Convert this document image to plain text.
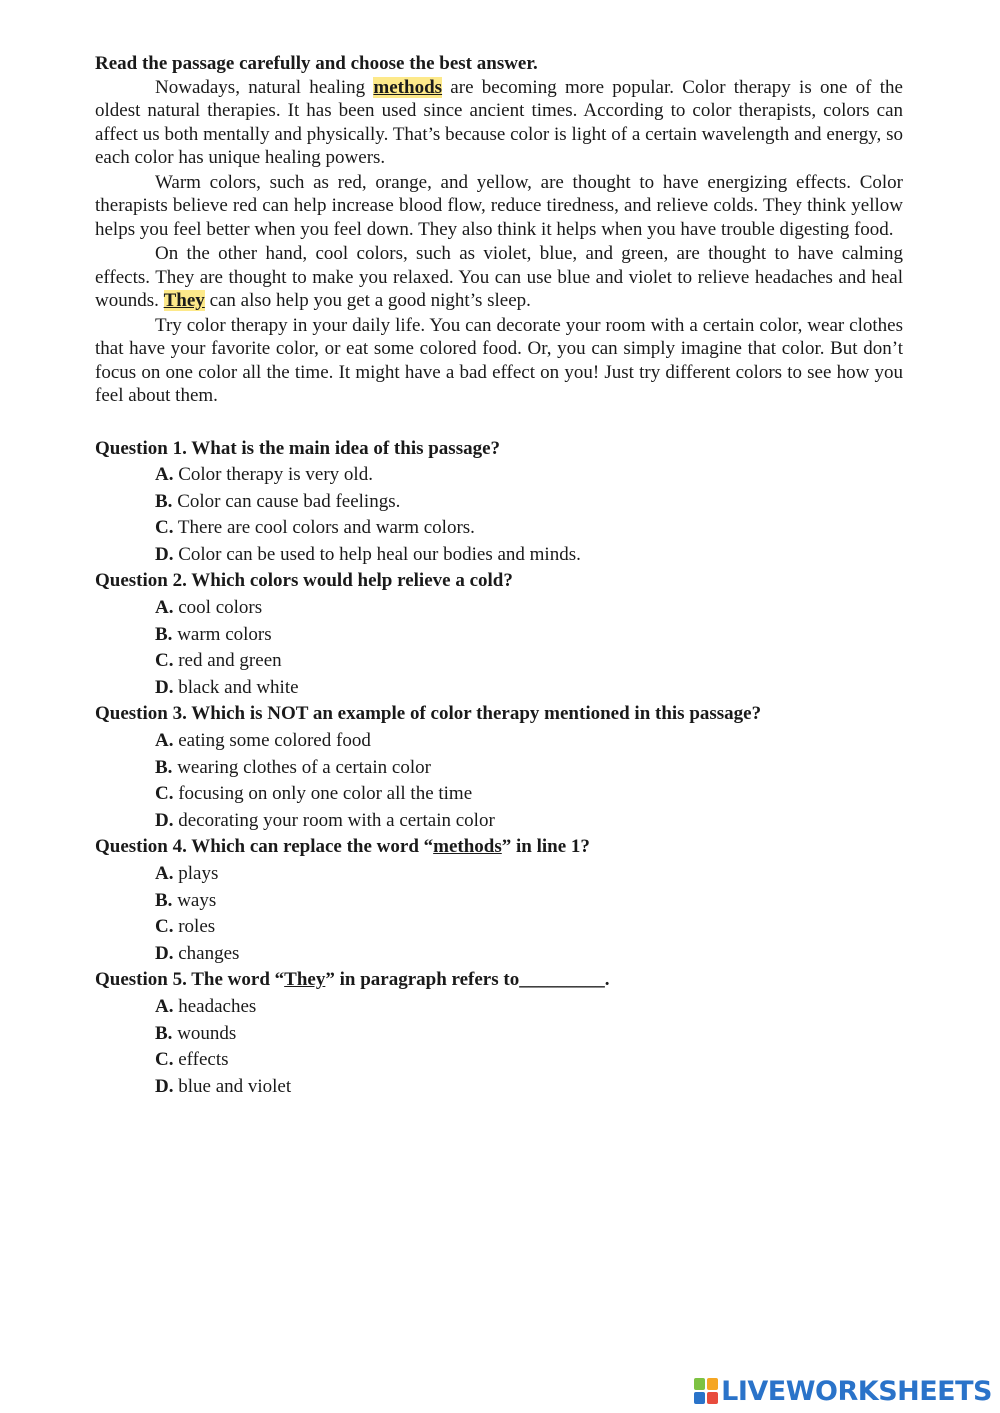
Read the passage carefully and choose the best answer.

Nowadays, natural healing methods are becoming more popular. Color therapy is one of the oldest natural therapies. It has been used since ancient times. According to color therapists, colors can affect us both mentally and physically. That’s because color is light of a certain wavelength and energy, so each color has unique healing powers.

Warm colors, such as red, orange, and yellow, are thought to have energizing effects. Color therapists believe red can help increase blood flow, reduce tiredness, and relieve colds. They think yellow helps you feel better when you feel down. They also think it helps when you have trouble digesting food.

On the other hand, cool colors, such as violet, blue, and green, are thought to have calming effects. They are thought to make you relaxed. You can use blue and violet to relieve headaches and heal wounds. They can also help you get a good night’s sleep.

Try color therapy in your daily life. You can decorate your room with a certain color, wear clothes that have your favorite color, or eat some colored food. Or, you can simply imagine that color. But don’t focus on one color all the time. It might have a bad effect on you! Just try different colors to see how you feel about them.

Question 1. What is the main idea of this passage?

A. Color therapy is very old.
B. Color can cause bad feelings.
C. There are cool colors and warm colors.
D. Color can be used to help heal our bodies and minds.

Question 2. Which colors would help relieve a cold?

A. cool colors
B. warm colors
C. red and green
D. black and white

Question 3. Which is NOT an example of color therapy mentioned in this passage?

A. eating some colored food
B. wearing clothes of a certain color
C. focusing on only one color all the time
D. decorating your room with a certain color

Question 4. Which can replace the word “methods” in line 1?

A. plays
B. ways
C. roles
D. changes

Question 5. The word “They” in paragraph refers to_________.

A. headaches
B. wounds
C. effects
D. blue and violet
LIVEWORKSHEETS
